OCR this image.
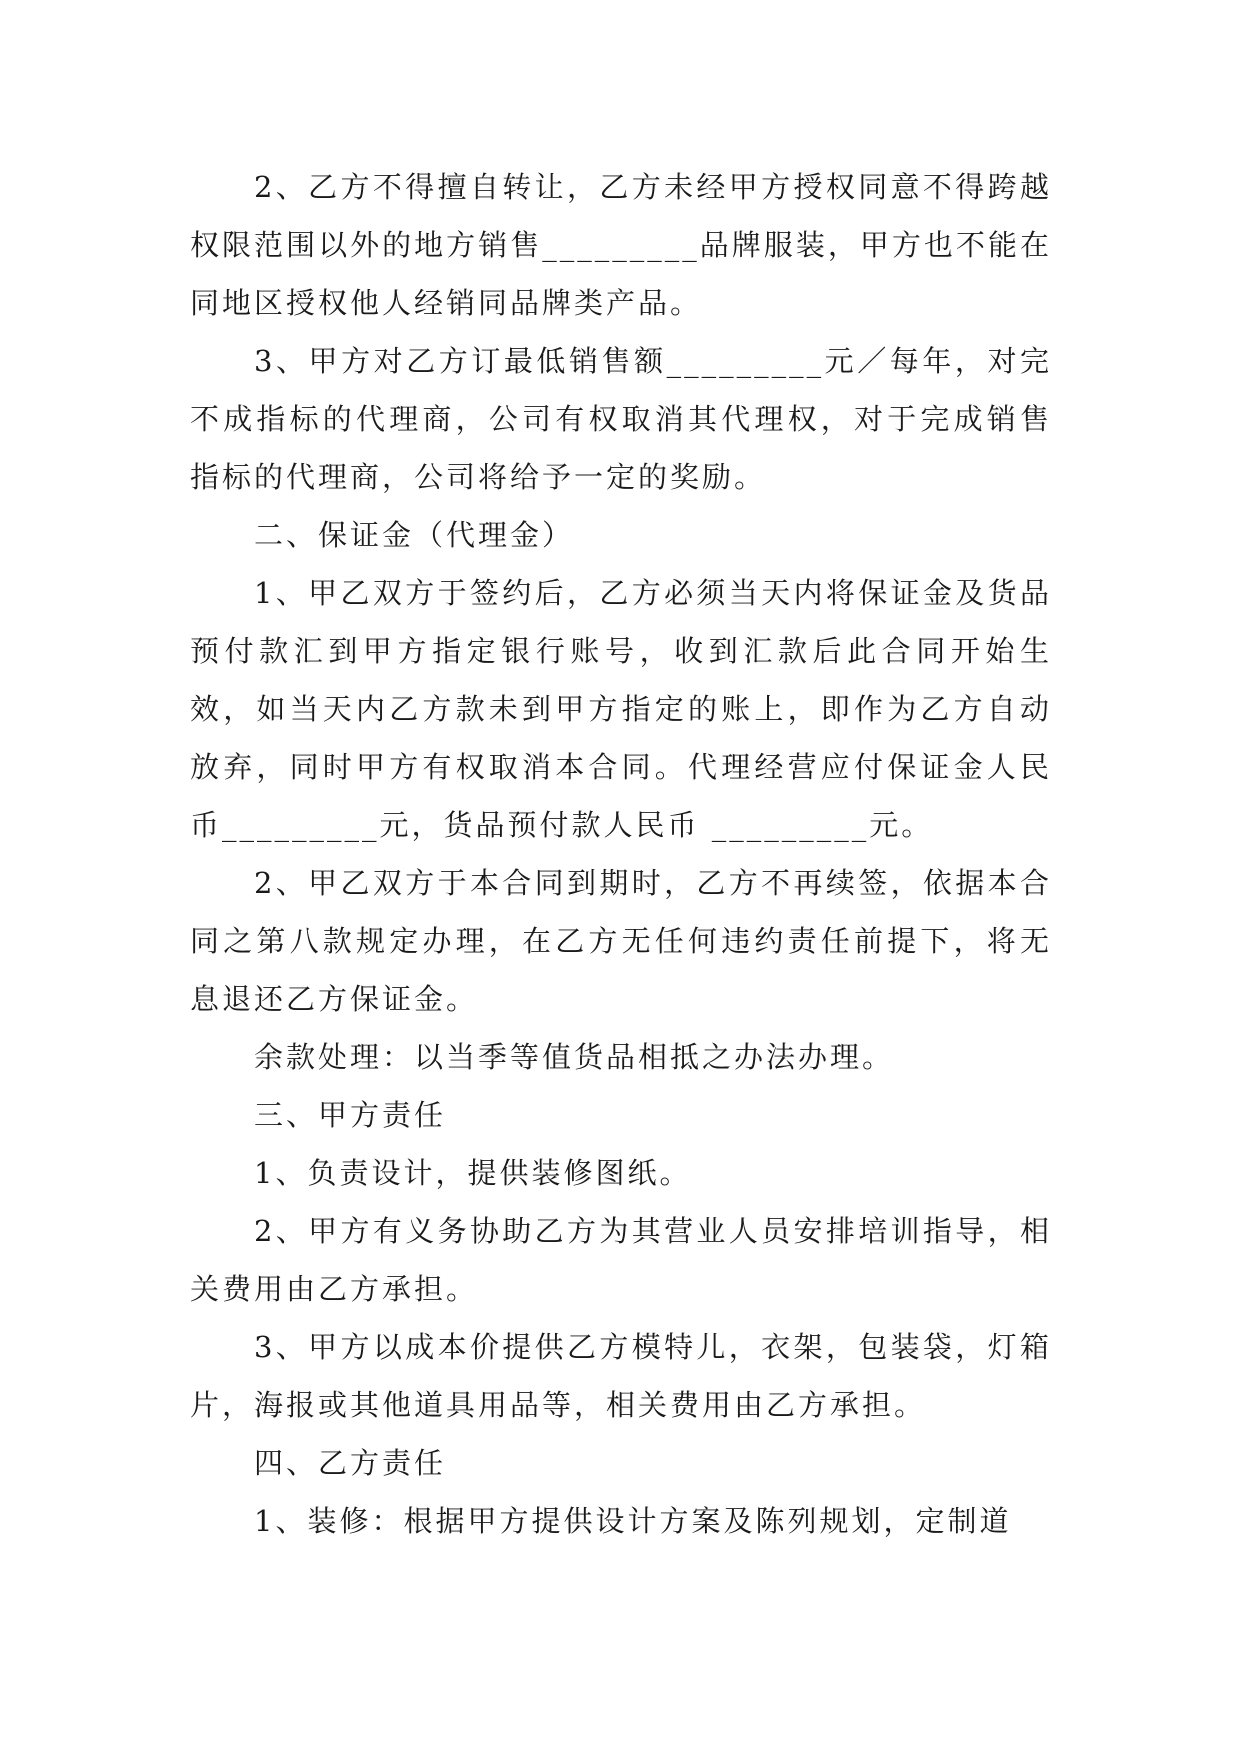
2、乙方不得擅自转让，乙方未经甲方授权同意不得跨越权限范围以外的地方销售_________品牌服装，甲方也不能在同地区授权他人经销同品牌类产品。

3、甲方对乙方订最低销售额_________元／每年，对完不成指标的代理商，公司有权取消其代理权，对于完成销售指标的代理商，公司将给予一定的奖励。

二、保证金（代理金）

1、甲乙双方于签约后，乙方必须当天内将保证金及货品预付款汇到甲方指定银行账号，收到汇款后此合同开始生效，如当天内乙方款未到甲方指定的账上，即作为乙方自动放弃，同时甲方有权取消本合同。代理经营应付保证金人民币_________元，货品预付款人民币 _________元。

2、甲乙双方于本合同到期时，乙方不再续签，依据本合同之第八款规定办理，在乙方无任何违约责任前提下，将无息退还乙方保证金。

余款处理：以当季等值货品相抵之办法办理。

三、甲方责任

1、负责设计，提供装修图纸。

2、甲方有义务协助乙方为其营业人员安排培训指导，相关费用由乙方承担。

3、甲方以成本价提供乙方模特儿，衣架，包装袋，灯箱片，海报或其他道具用品等，相关费用由乙方承担。

四、乙方责任

1、装修：根据甲方提供设计方案及陈列规划，定制道
